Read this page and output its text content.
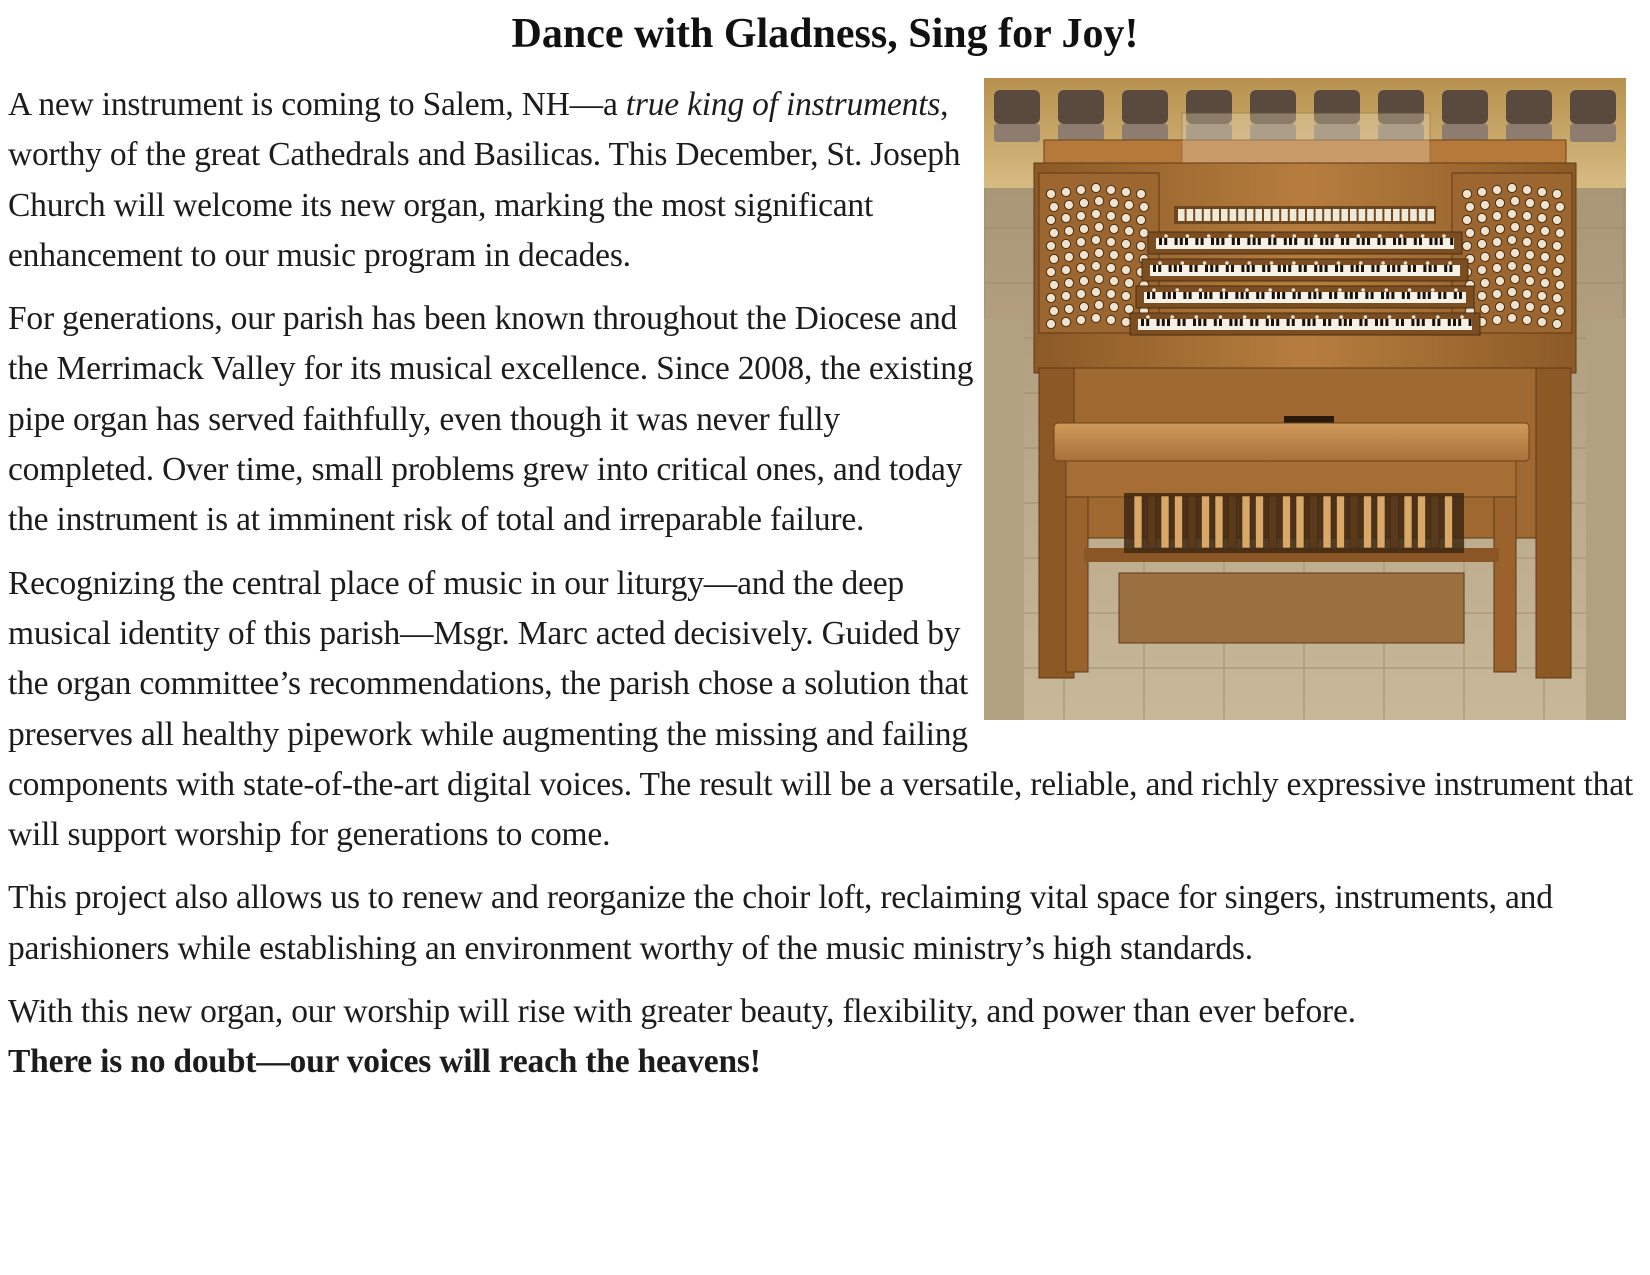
Dance with Gladness, Sing for Joy!

A new instrument is coming to Salem, NH—a true king of instruments, worthy of the great Cathedrals and Basilicas. This December, St. Joseph Church will welcome its new organ, marking the most significant enhancement to our music program in decades.

For generations, our parish has been known throughout the Diocese and the Merrimack Valley for its musical excellence. Since 2008, the existing pipe organ has served faithfully, even though it was never fully completed. Over time, small problems grew into critical ones, and today the instrument is at imminent risk of total and irreparable failure.

Recognizing the central place of music in our liturgy—and the deep musical identity of this parish—Msgr. Marc acted decisively. Guided by the organ committee’s recommendations, the parish chose a solution that preserves all healthy pipework while augmenting the missing and failing components with state-of-the-art digital voices. The result will be a versatile, reliable, and richly expressive instrument that will support worship for generations to come.

This project also allows us to renew and reorganize the choir loft, reclaiming vital space for singers, instruments, and parishioners while establishing an environment worthy of the music ministry’s high standards.

With this new organ, our worship will rise with greater beauty, flexibility, and power than ever before.
There is no doubt—our voices will reach the heavens!
